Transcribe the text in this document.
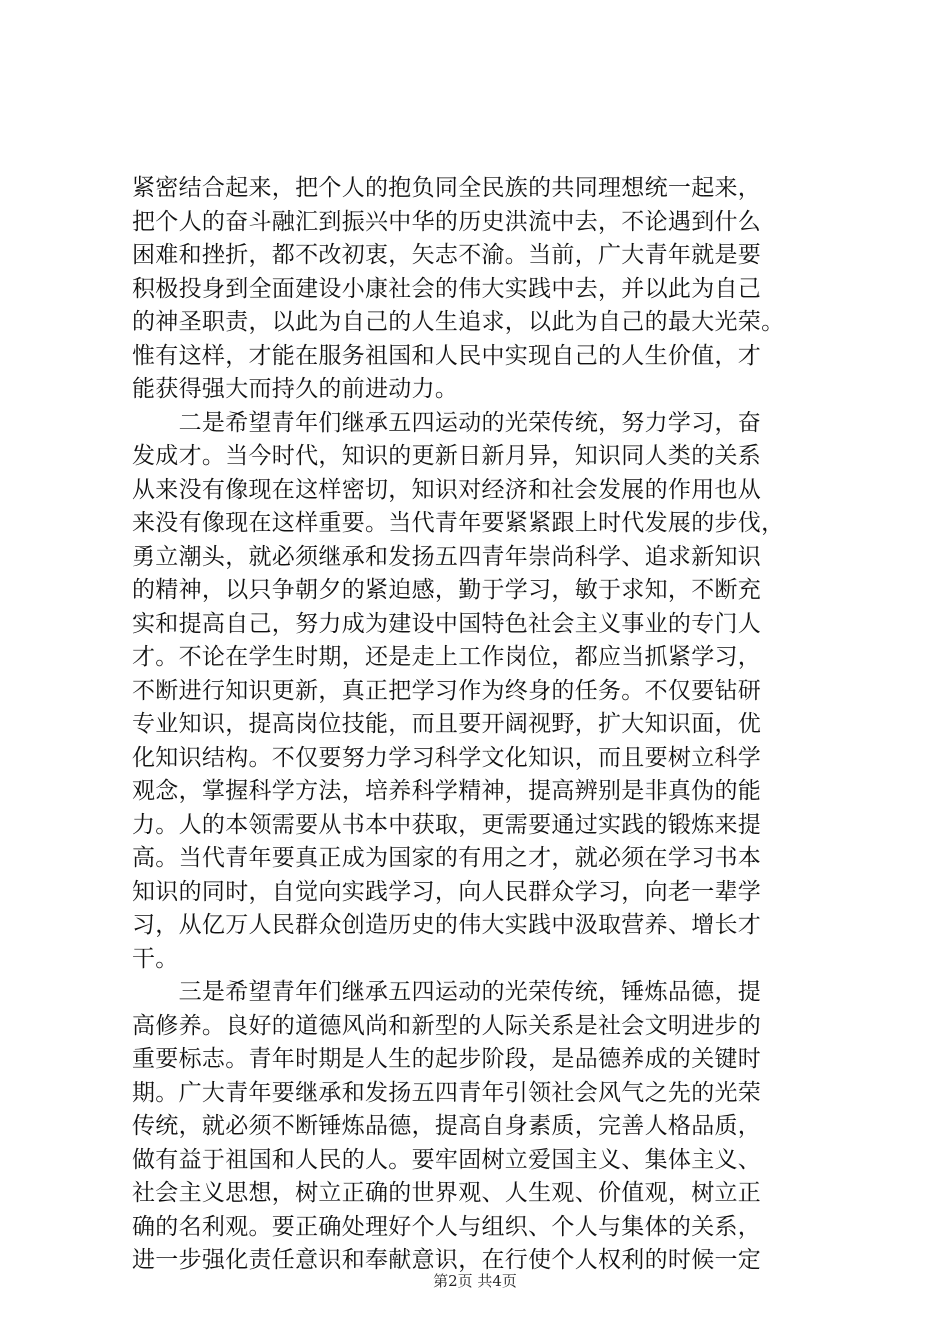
紧密结合起来，把个人的抱负同全民族的共同理想统一起来，
把个人的奋斗融汇到振兴中华的历史洪流中去，不论遇到什么
困难和挫折，都不改初衷，矢志不渝。当前，广大青年就是要
积极投身到全面建设小康社会的伟大实践中去，并以此为自己
的神圣职责，以此为自己的人生追求，以此为自己的最大光荣。
惟有这样，才能在服务祖国和人民中实现自己的人生价值，才
能获得强大而持久的前进动力。
　　二是希望青年们继承五四运动的光荣传统，努力学习，奋
发成才。当今时代，知识的更新日新月异，知识同人类的关系
从来没有像现在这样密切，知识对经济和社会发展的作用也从
来没有像现在这样重要。当代青年要紧紧跟上时代发展的步伐，
勇立潮头，就必须继承和发扬五四青年崇尚科学、追求新知识
的精神，以只争朝夕的紧迫感，勤于学习，敏于求知，不断充
实和提高自己，努力成为建设中国特色社会主义事业的专门人
才。不论在学生时期，还是走上工作岗位，都应当抓紧学习，
不断进行知识更新，真正把学习作为终身的任务。不仅要钻研
专业知识，提高岗位技能，而且要开阔视野，扩大知识面，优
化知识结构。不仅要努力学习科学文化知识，而且要树立科学
观念，掌握科学方法，培养科学精神，提高辨别是非真伪的能
力。人的本领需要从书本中获取，更需要通过实践的锻炼来提
高。当代青年要真正成为国家的有用之才，就必须在学习书本
知识的同时，自觉向实践学习，向人民群众学习，向老一辈学
习，从亿万人民群众创造历史的伟大实践中汲取营养、增长才
干。
　　三是希望青年们继承五四运动的光荣传统，锤炼品德，提
高修养。良好的道德风尚和新型的人际关系是社会文明进步的
重要标志。青年时期是人生的起步阶段，是品德养成的关键时
期。广大青年要继承和发扬五四青年引领社会风气之先的光荣
传统，就必须不断锤炼品德，提高自身素质，完善人格品质，
做有益于祖国和人民的人。要牢固树立爱国主义、集体主义、
社会主义思想，树立正确的世界观、人生观、价值观，树立正
确的名利观。要正确处理好个人与组织、个人与集体的关系，
进一步强化责任意识和奉献意识，在行使个人权利的时候一定
第2页 共4页
